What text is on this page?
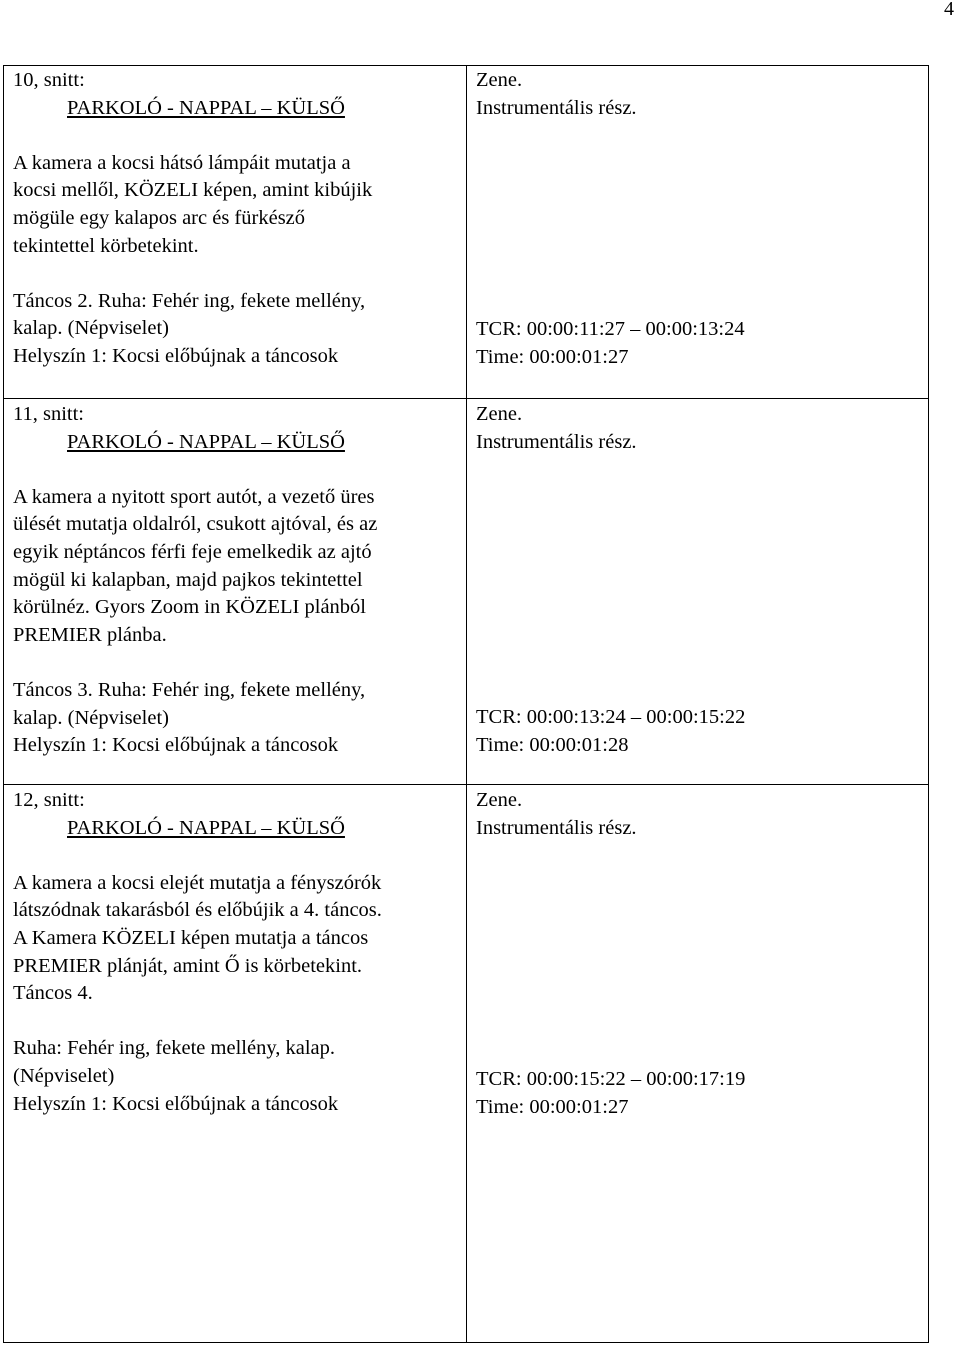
4
10, snitt:
PARKOLÓ - NAPPAL – KÜLSŐ
A kamera a kocsi hátsó lámpáit mutatja a
kocsi mellől, KÖZELI képen, amint kibújik
mögüle egy kalapos arc és fürkésző
tekintettel körbetekint.
Táncos 2. Ruha: Fehér ing, fekete mellény,
kalap. (Népviselet)
Helyszín 1: Kocsi előbújnak a táncosok
Zene.
Instrumentális rész.
TCR: 00:00:11:27 – 00:00:13:24
Time: 00:00:01:27
11, snitt:
PARKOLÓ - NAPPAL – KÜLSŐ
A kamera a nyitott sport autót, a vezető üres
ülését mutatja oldalról, csukott ajtóval, és az
egyik néptáncos férfi feje emelkedik az ajtó
mögül ki kalapban, majd pajkos tekintettel
körülnéz. Gyors Zoom in KÖZELI plánból
PREMIER plánba.
Táncos 3. Ruha: Fehér ing, fekete mellény,
kalap. (Népviselet)
Helyszín 1: Kocsi előbújnak a táncosok
Zene.
Instrumentális rész.
TCR: 00:00:13:24 – 00:00:15:22
Time: 00:00:01:28
12, snitt:
PARKOLÓ - NAPPAL – KÜLSŐ
A kamera a kocsi elejét mutatja a fényszórók
látszódnak takarásból és előbújik a 4. táncos.
A Kamera KÖZELI képen mutatja a táncos
PREMIER plánját, amint Ő is körbetekint.
Táncos 4.
Ruha: Fehér ing, fekete mellény, kalap.
(Népviselet)
Helyszín 1: Kocsi előbújnak a táncosok
Zene.
Instrumentális rész.
TCR: 00:00:15:22 – 00:00:17:19
Time: 00:00:01:27
